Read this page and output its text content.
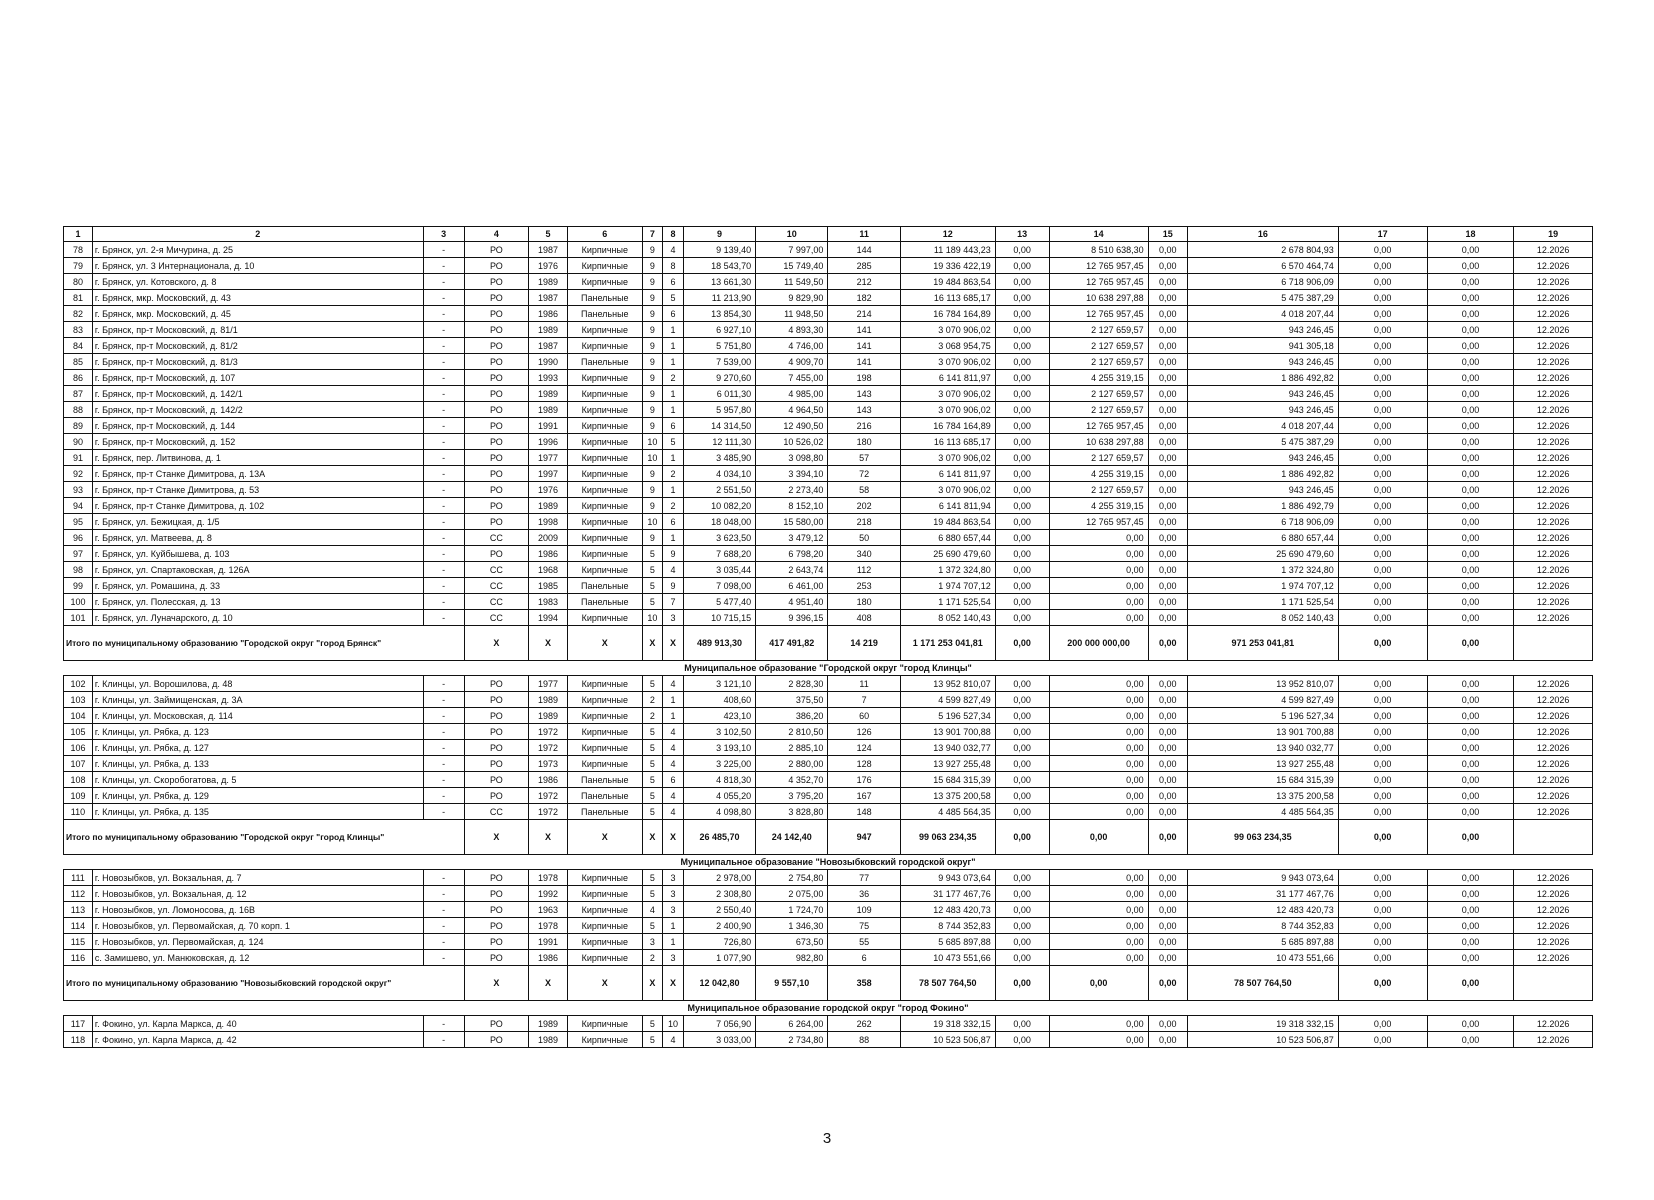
1	2	3	4	5	6	7	8	9	10	11	12	13	14	15	16	17	18	19
78	г. Брянск, ул. 2-я Мичурина, д. 25	-	РО	1987	Кирпичные	9	4	9 139,40	7 997,00	144	11 189 443,23	0,00	8 510 638,30	0,00	2 678 804,93	0,00	0,00	12.2026
79	г. Брянск, ул. 3 Интернационала, д. 10	-	РО	1976	Кирпичные	9	8	18 543,70	15 749,40	285	19 336 422,19	0,00	12 765 957,45	0,00	6 570 464,74	0,00	0,00	12.2026
80	г. Брянск, ул. Котовского, д. 8	-	РО	1989	Кирпичные	9	6	13 661,30	11 549,50	212	19 484 863,54	0,00	12 765 957,45	0,00	6 718 906,09	0,00	0,00	12.2026
81	г. Брянск, мкр. Московский, д. 43	-	РО	1987	Панельные	9	5	11 213,90	9 829,90	182	16 113 685,17	0,00	10 638 297,88	0,00	5 475 387,29	0,00	0,00	12.2026
82	г. Брянск, мкр. Московский, д. 45	-	РО	1986	Панельные	9	6	13 854,30	11 948,50	214	16 784 164,89	0,00	12 765 957,45	0,00	4 018 207,44	0,00	0,00	12.2026
83	г. Брянск, пр-т Московский, д. 81/1	-	РО	1989	Кирпичные	9	1	6 927,10	4 893,30	141	3 070 906,02	0,00	2 127 659,57	0,00	943 246,45	0,00	0,00	12.2026
84	г. Брянск, пр-т Московский, д. 81/2	-	РО	1987	Кирпичные	9	1	5 751,80	4 746,00	141	3 068 954,75	0,00	2 127 659,57	0,00	941 305,18	0,00	0,00	12.2026
85	г. Брянск, пр-т Московский, д. 81/3	-	РО	1990	Панельные	9	1	7 539,00	4 909,70	141	3 070 906,02	0,00	2 127 659,57	0,00	943 246,45	0,00	0,00	12.2026
86	г. Брянск, пр-т Московский, д. 107	-	РО	1993	Кирпичные	9	2	9 270,60	7 455,00	198	6 141 811,97	0,00	4 255 319,15	0,00	1 886 492,82	0,00	0,00	12.2026
87	г. Брянск, пр-т Московский, д. 142/1	-	РО	1989	Кирпичные	9	1	6 011,30	4 985,00	143	3 070 906,02	0,00	2 127 659,57	0,00	943 246,45	0,00	0,00	12.2026
88	г. Брянск, пр-т Московский, д. 142/2	-	РО	1989	Кирпичные	9	1	5 957,80	4 964,50	143	3 070 906,02	0,00	2 127 659,57	0,00	943 246,45	0,00	0,00	12.2026
89	г. Брянск, пр-т Московский, д. 144	-	РО	1991	Кирпичные	9	6	14 314,50	12 490,50	216	16 784 164,89	0,00	12 765 957,45	0,00	4 018 207,44	0,00	0,00	12.2026
90	г. Брянск, пр-т Московский, д. 152	-	РО	1996	Кирпичные	10	5	12 111,30	10 526,02	180	16 113 685,17	0,00	10 638 297,88	0,00	5 475 387,29	0,00	0,00	12.2026
91	г. Брянск, пер. Литвинова, д. 1	-	РО	1977	Кирпичные	10	1	3 485,90	3 098,80	57	3 070 906,02	0,00	2 127 659,57	0,00	943 246,45	0,00	0,00	12.2026
92	г. Брянск, пр-т Станке Димитрова, д. 13А	-	РО	1997	Кирпичные	9	2	4 034,10	3 394,10	72	6 141 811,97	0,00	4 255 319,15	0,00	1 886 492,82	0,00	0,00	12.2026
93	г. Брянск, пр-т Станке Димитрова, д. 53	-	РО	1976	Кирпичные	9	1	2 551,50	2 273,40	58	3 070 906,02	0,00	2 127 659,57	0,00	943 246,45	0,00	0,00	12.2026
94	г. Брянск, пр-т Станке Димитрова, д. 102	-	РО	1989	Кирпичные	9	2	10 082,20	8 152,10	202	6 141 811,94	0,00	4 255 319,15	0,00	1 886 492,79	0,00	0,00	12.2026
95	г. Брянск, ул. Бежицкая, д. 1/5	-	РО	1998	Кирпичные	10	6	18 048,00	15 580,00	218	19 484 863,54	0,00	12 765 957,45	0,00	6 718 906,09	0,00	0,00	12.2026
96	г. Брянск, ул. Матвеева, д. 8	-	СС	2009	Кирпичные	9	1	3 623,50	3 479,12	50	6 880 657,44	0,00	0,00	0,00	6 880 657,44	0,00	0,00	12.2026
97	г. Брянск, ул. Куйбышева, д. 103	-	РО	1986	Кирпичные	5	9	7 688,20	6 798,20	340	25 690 479,60	0,00	0,00	0,00	25 690 479,60	0,00	0,00	12.2026
98	г. Брянск, ул. Спартаковская, д. 126А	-	СС	1968	Кирпичные	5	4	3 035,44	2 643,74	112	1 372 324,80	0,00	0,00	0,00	1 372 324,80	0,00	0,00	12.2026
99	г. Брянск, ул. Ромашина, д. 33	-	СС	1985	Панельные	5	9	7 098,00	6 461,00	253	1 974 707,12	0,00	0,00	0,00	1 974 707,12	0,00	0,00	12.2026
100	г. Брянск, ул. Полесская, д. 13	-	СС	1983	Панельные	5	7	5 477,40	4 951,40	180	1 171 525,54	0,00	0,00	0,00	1 171 525,54	0,00	0,00	12.2026
101	г. Брянск, ул. Луначарского, д. 10	-	СС	1994	Кирпичные	10	3	10 715,15	9 396,15	408	8 052 140,43	0,00	0,00	0,00	8 052 140,43	0,00	0,00	12.2026
Итого по муниципальному образованию "Городской округ "город Брянск"			X	X	X	X	X	489 913,30	417 491,82	14 219	1 171 253 041,81	0,00	200 000 000,00	0,00	971 253 041,81	0,00	0,00	
Муниципальное образование "Городской округ "город Клинцы"																		
102	г. Клинцы, ул. Ворошилова, д. 48	-	РО	1977	Кирпичные	5	4	3 121,10	2 828,30	11	13 952 810,07	0,00	0,00	0,00	13 952 810,07	0,00	0,00	12.2026
103	г. Клинцы, ул. Займищенская, д. 3А	-	РО	1989	Кирпичные	2	1	408,60	375,50	7	4 599 827,49	0,00	0,00	0,00	4 599 827,49	0,00	0,00	12.2026
104	г. Клинцы, ул. Московская, д. 114	-	РО	1989	Кирпичные	2	1	423,10	386,20	60	5 196 527,34	0,00	0,00	0,00	5 196 527,34	0,00	0,00	12.2026
105	г. Клинцы, ул. Рябка, д. 123	-	РО	1972	Кирпичные	5	4	3 102,50	2 810,50	126	13 901 700,88	0,00	0,00	0,00	13 901 700,88	0,00	0,00	12.2026
106	г. Клинцы, ул. Рябка, д. 127	-	РО	1972	Кирпичные	5	4	3 193,10	2 885,10	124	13 940 032,77	0,00	0,00	0,00	13 940 032,77	0,00	0,00	12.2026
107	г. Клинцы, ул. Рябка, д. 133	-	РО	1973	Кирпичные	5	4	3 225,00	2 880,00	128	13 927 255,48	0,00	0,00	0,00	13 927 255,48	0,00	0,00	12.2026
108	г. Клинцы, ул. Скоробогатова, д. 5	-	РО	1986	Панельные	5	6	4 818,30	4 352,70	176	15 684 315,39	0,00	0,00	0,00	15 684 315,39	0,00	0,00	12.2026
109	г. Клинцы, ул. Рябка, д. 129	-	РО	1972	Панельные	5	4	4 055,20	3 795,20	167	13 375 200,58	0,00	0,00	0,00	13 375 200,58	0,00	0,00	12.2026
110	г. Клинцы, ул. Рябка, д. 135	-	СС	1972	Панельные	5	4	4 098,80	3 828,80	148	4 485 564,35	0,00	0,00	0,00	4 485 564,35	0,00	0,00	12.2026
Итого по муниципальному образованию "Городской округ "город Клинцы"			X	X	X	X	X	26 485,70	24 142,40	947	99 063 234,35	0,00	0,00	0,00	99 063 234,35	0,00	0,00	
Муниципальное образование "Новозыбковский городской округ"																		
111	г. Новозыбков, ул. Вокзальная, д. 7	-	РО	1978	Кирпичные	5	3	2 978,00	2 754,80	77	9 943 073,64	0,00	0,00	0,00	9 943 073,64	0,00	0,00	12.2026
112	г. Новозыбков, ул. Вокзальная, д. 12	-	РО	1992	Кирпичные	5	3	2 308,80	2 075,00	36	31 177 467,76	0,00	0,00	0,00	31 177 467,76	0,00	0,00	12.2026
113	г. Новозыбков, ул. Ломоносова, д. 16В	-	РО	1963	Кирпичные	4	3	2 550,40	1 724,70	109	12 483 420,73	0,00	0,00	0,00	12 483 420,73	0,00	0,00	12.2026
114	г. Новозыбков, ул. Первомайская, д. 70 корп. 1	-	РО	1978	Кирпичные	5	1	2 400,90	1 346,30	75	8 744 352,83	0,00	0,00	0,00	8 744 352,83	0,00	0,00	12.2026
115	г. Новозыбков, ул. Первомайская, д. 124	-	РО	1991	Кирпичные	3	1	726,80	673,50	55	5 685 897,88	0,00	0,00	0,00	5 685 897,88	0,00	0,00	12.2026
116	с. Замишево, ул. Манюковская, д. 12	-	РО	1986	Кирпичные	2	3	1 077,90	982,80	6	10 473 551,66	0,00	0,00	0,00	10 473 551,66	0,00	0,00	12.2026
Итого по муниципальному образованию "Новозыбковский городской округ"			X	X	X	X	X	12 042,80	9 557,10	358	78 507 764,50	0,00	0,00	0,00	78 507 764,50	0,00	0,00	
Муниципальное образование городской округ "город Фокино"																		
117	г. Фокино, ул. Карла Маркса, д. 40	-	РО	1989	Кирпичные	5	10	7 056,90	6 264,00	262	19 318 332,15	0,00	0,00	0,00	19 318 332,15	0,00	0,00	12.2026
118	г. Фокино, ул. Карла Маркса, д. 42	-	РО	1989	Кирпичные	5	4	3 033,00	2 734,80	88	10 523 506,87	0,00	0,00	0,00	10 523 506,87	0,00	0,00	12.2026
3
